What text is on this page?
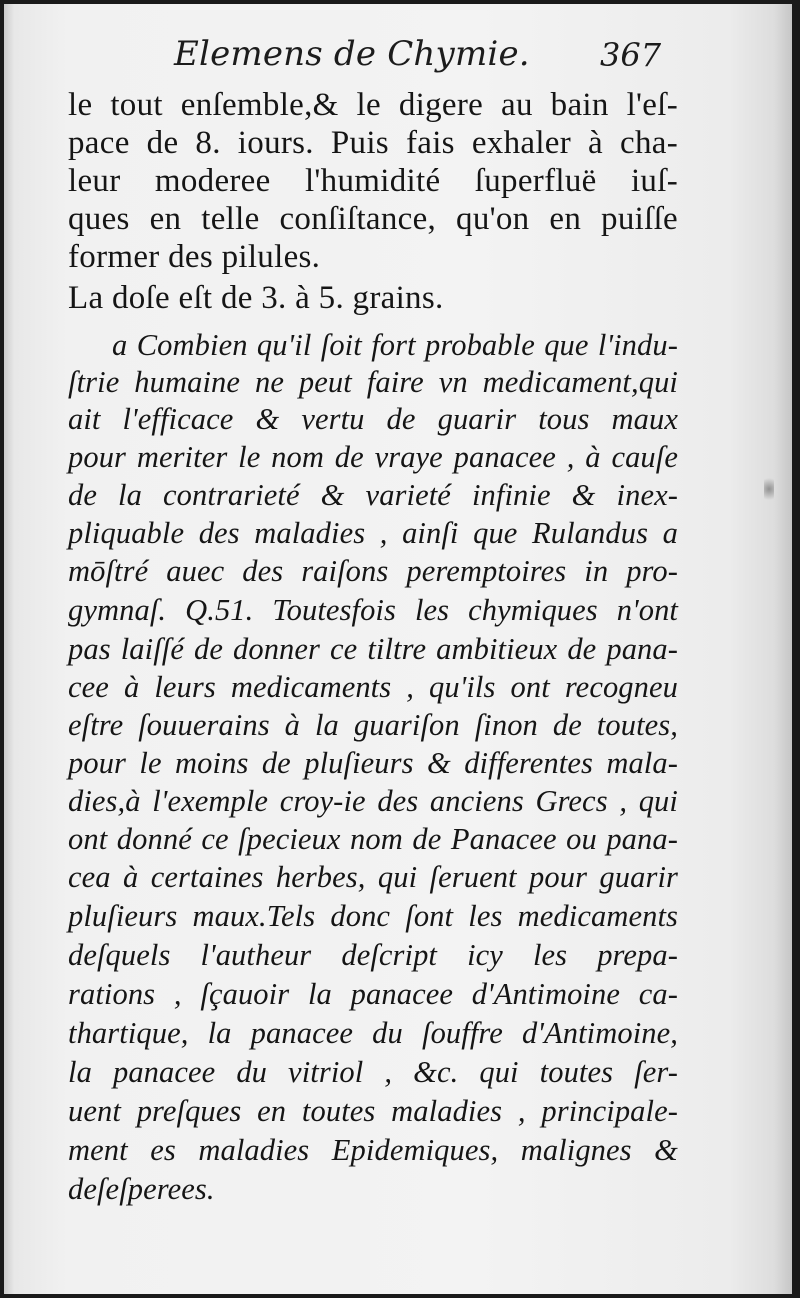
Elemens de Chymie. 367
le tout enſemble,& le digere au bain l'eſ-
pace de 8. iours. Puis fais exhaler à cha-
leur moderee l'humidité ſuperfluë iuſ-
ques en telle conſiſtance, qu'on en puiſſe
former des pilules.
La doſe eſt de 3. à 5. grains.
a Combien qu'il ſoit fort probable que l'indu-
ſtrie humaine ne peut faire vn medicament,qui
ait l'efficace & vertu de guarir tous maux
pour meriter le nom de vraye panacee , à cauſe
de la contrarieté & varieté infinie & inex-
pliquable des maladies , ainſi que Rulandus a
mōſtré auec des raiſons peremptoires in pro-
gymnaſ. Q.51. Toutesfois les chymiques n'ont
pas laiſſé de donner ce tiltre ambitieux de pana-
cee à leurs medicaments , qu'ils ont recogneu
eſtre ſouuerains à la guariſon ſinon de toutes,
pour le moins de pluſieurs & differentes mala-
dies,à l'exemple croy-ie des anciens Grecs , qui
ont donné ce ſpecieux nom de Panacee ou pana-
cea à certaines herbes, qui ſeruent pour guarir
pluſieurs maux.Tels donc ſont les medicaments
deſquels l'autheur deſcript icy les prepa-
rations , ſçauoir la panacee d'Antimoine ca-
thartique, la panacee du ſouffre d'Antimoine,
la panacee du vitriol , &c. qui toutes ſer-
uent preſques en toutes maladies , principale-
ment es maladies Epidemiques, malignes &
deſeſperees.
